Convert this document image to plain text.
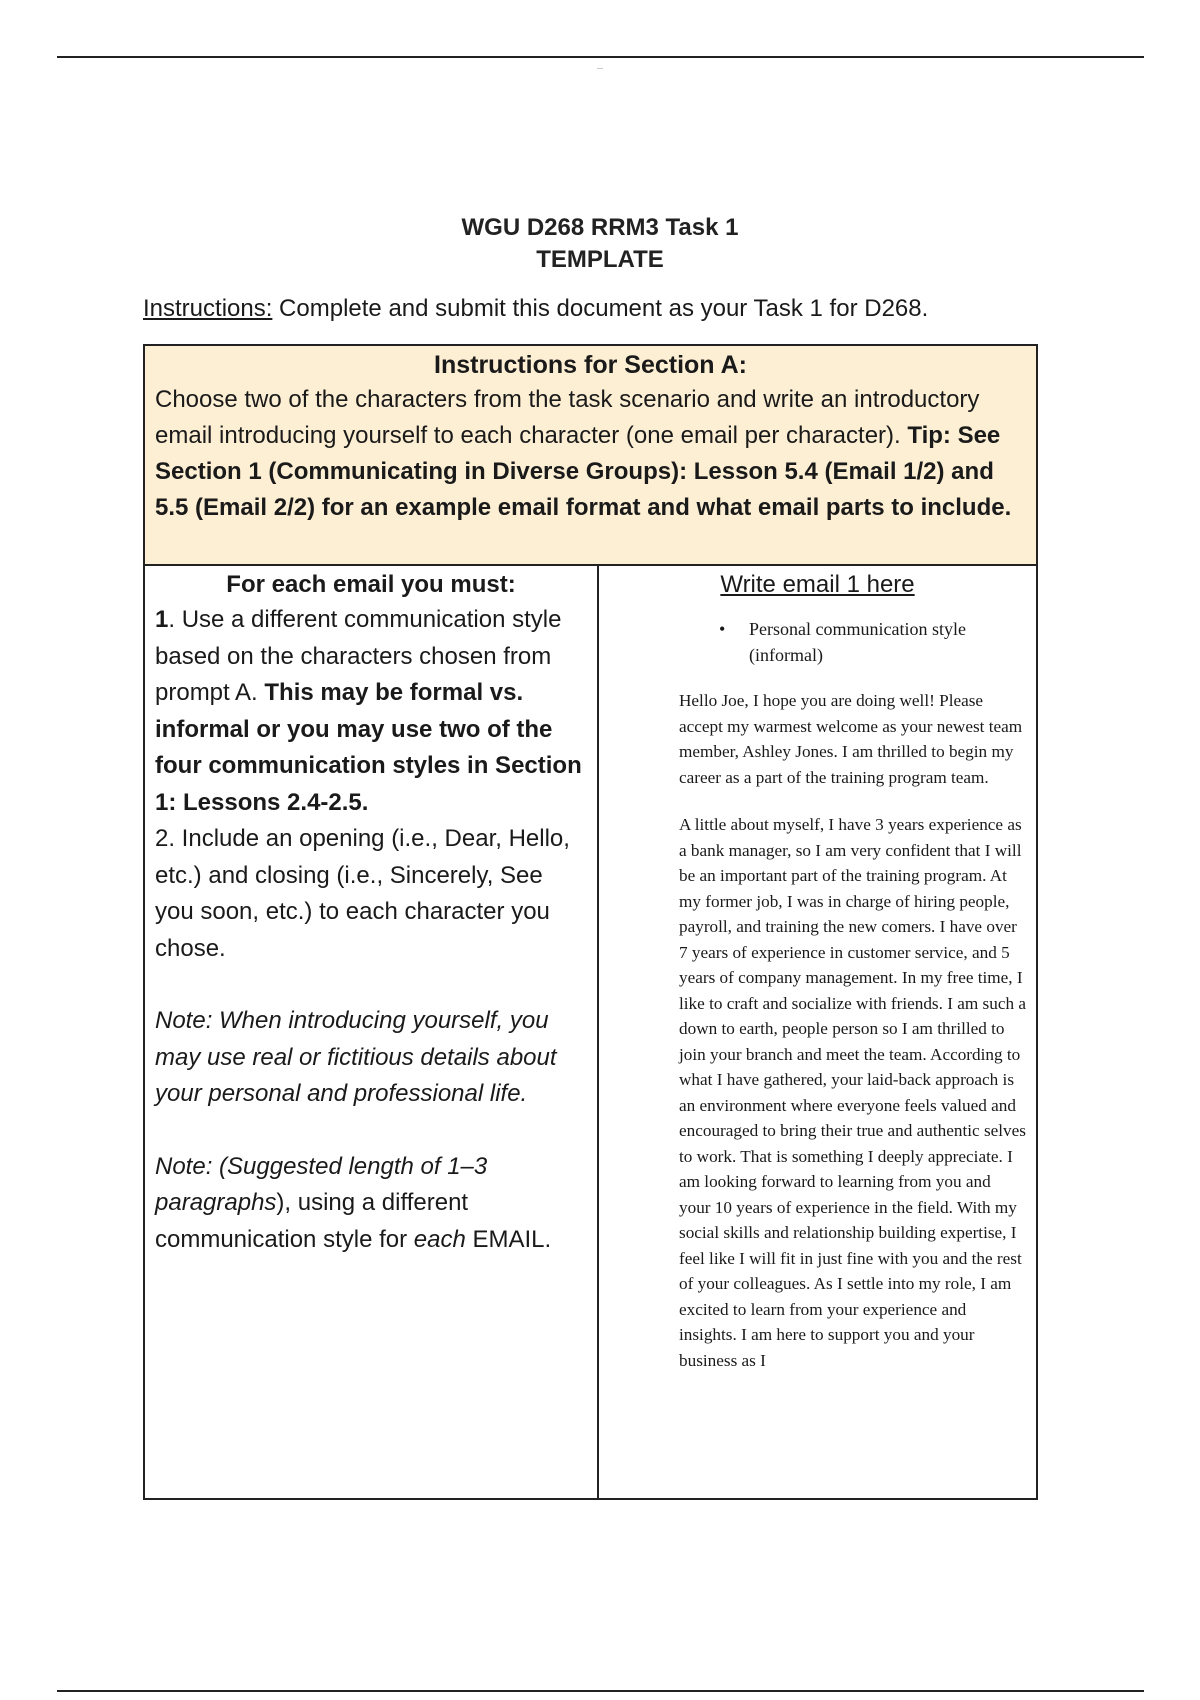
—
WGU D268 RRM3 Task 1
TEMPLATE
Instructions: Complete and submit this document as your Task 1 for D268.
Instructions for Section A:

Choose two of the characters from the task scenario and write an introductory email introducing yourself to each character (one email per character). Tip: See Section 1 (Communicating in Diverse Groups): Lesson 5.4 (Email 1/2) and 5.5 (Email 2/2) for an example email format and what email parts to include.

For each email you must:

1. Use a different communication style based on the characters chosen from prompt A. This may be formal vs. informal or you may use two of the four communication styles in Section 1: Lessons 2.4-2.5.

2. Include an opening (i.e., Dear, Hello, etc.) and closing (i.e., Sincerely, See you soon, etc.) to each character you chose.

Note: When introducing yourself, you may use real or fictitious details about your personal and professional life.

Note: (Suggested length of 1–3 paragraphs), using a different communication style for each EMAIL.

Write email 1 here
•	Personal communication style (informal)

Hello Joe, I hope you are doing well! Please accept my warmest welcome as your newest team member, Ashley Jones. I am thrilled to begin my career as a part of the training program team.

A little about myself, I have 3 years experience as a bank manager, so I am very confident that I will be an important part of the training program. At my former job, I was in charge of hiring people, payroll, and training the new comers. I have over 7 years of experience in customer service, and 5 years of company management. In my free time, I like to craft and socialize with friends. I am such a down to earth, people person so I am thrilled to join your branch and meet the team. According to what I have gathered, your laid-back approach is an environment where everyone feels valued and encouraged to bring their true and authentic selves to work. That is something I deeply appreciate. I am looking forward to learning from you and your 10 years of experience in the field. With my social skills and relationship building expertise, I feel like I will fit in just fine with you and the rest of your colleagues. As I settle into my role, I am excited to learn from your experience and insights. I am here to support you and your business as I
